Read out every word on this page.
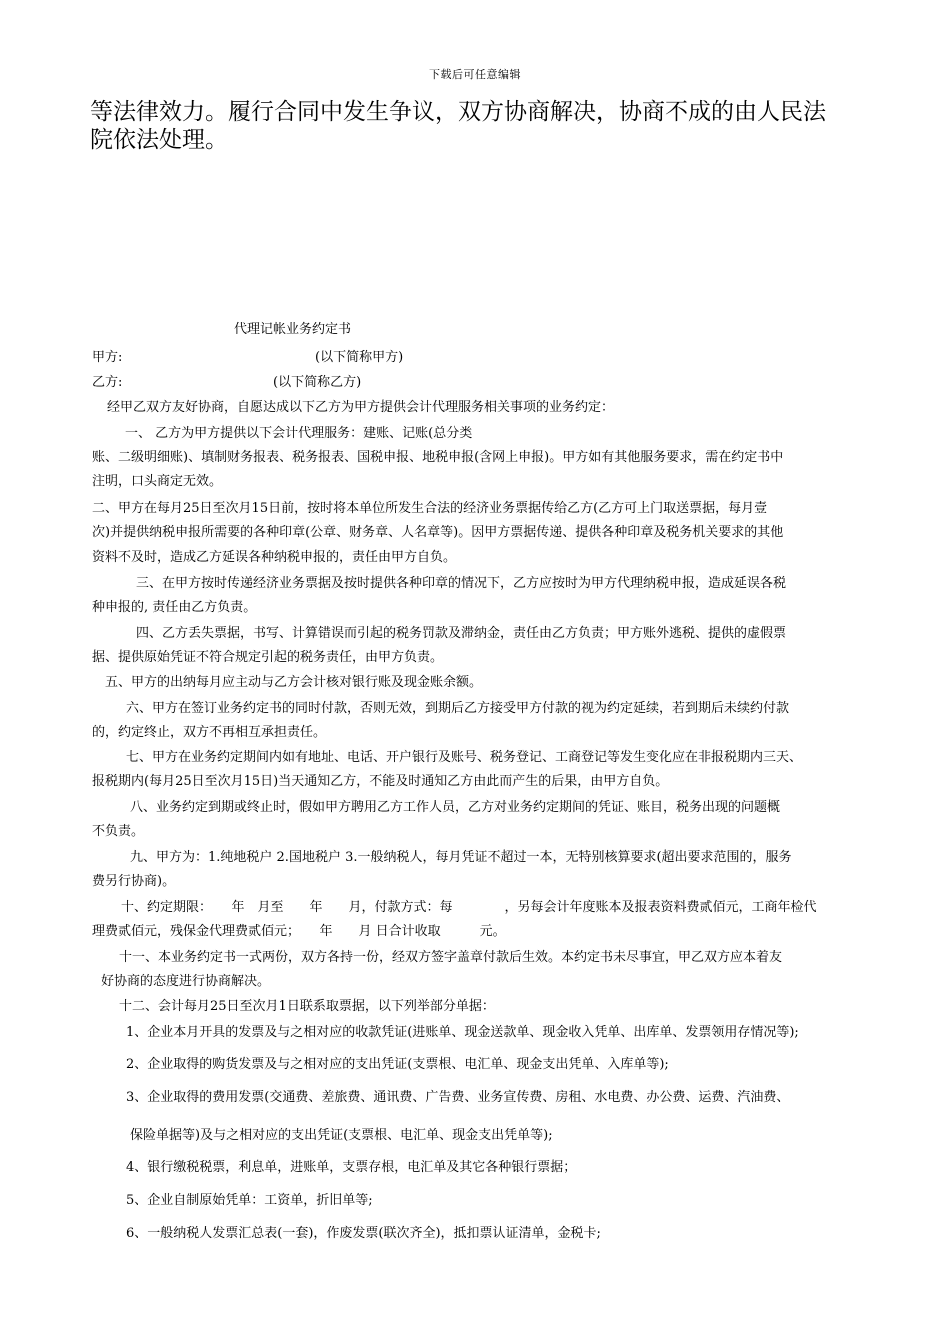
下载后可任意编辑
等法律效力。履行合同中发生争议，双方协商解决，协商不成的由人民法
院依法处理。
代理记帐业务约定书
甲方:	(以下简称甲方)
乙方:	(以下简称乙方)
经甲乙双方友好协商，自愿达成以下乙方为甲方提供会计代理服务相关事项的业务约定：
一、 乙方为甲方提供以下会计代理服务：建账、记账(总分类
账、二级明细账)、填制财务报表、税务报表、国税申报、地税申报(含网上申报)。甲方如有其他服务要求，需在约定书中
注明，口头商定无效。
二、甲方在每月25日至次月15日前，按时将本单位所发生合法的经济业务票据传给乙方(乙方可上门取送票据，每月壹
次)并提供纳税申报所需要的各种印章(公章、财务章、人名章等)。因甲方票据传递、提供各种印章及税务机关要求的其他
资料不及时，造成乙方延误各种纳税申报的，责任由甲方自负。
三、在甲方按时传递经济业务票据及按时提供各种印章的情况下，乙方应按时为甲方代理纳税申报，造成延误各税
种申报的, 责任由乙方负责。
四、乙方丢失票据，书写、计算错误而引起的税务罚款及滞纳金，责任由乙方负责；甲方账外逃税、提供的虚假票
据、提供原始凭证不符合规定引起的税务责任，由甲方负责。
五、甲方的出纳每月应主动与乙方会计核对银行账及现金账余额。
六、甲方在签订业务约定书的同时付款，否则无效，到期后乙方接受甲方付款的视为约定延续，若到期后未续约付款
的，约定终止，双方不再相互承担责任。
七、甲方在业务约定期间内如有地址、电话、开户银行及账号、税务登记、工商登记等发生变化应在非报税期内三天、
报税期内(每月25日至次月15日)当天通知乙方，不能及时通知乙方由此而产生的后果，由甲方自负。
八、业务约定到期或终止时，假如甲方聘用乙方工作人员，乙方对业务约定期间的凭证、账目，税务出现的问题概
不负责。
九、甲方为：1.纯地税户 2.国地税户 3.一般纳税人，每月凭证不超过一本，无特别核算要求(超出要求范围的，服务
费另行协商)。
十、约定期限：　　年　月至　　年　　月，付款方式：每　　　　，另每会计年度账本及报表资料费贰佰元，工商年检代
理费贰佰元，残保金代理费贰佰元；　　年　　月 日合计收取　　　元。
十一、本业务约定书一式两份，双方各持一份，经双方签字盖章付款后生效。本约定书未尽事宜，甲乙双方应本着友
好协商的态度进行协商解决。
十二、会计每月25日至次月1日联系取票据，以下列举部分单据：
1、企业本月开具的发票及与之相对应的收款凭证(进账单、现金送款单、现金收入凭单、出库单、发票领用存情况等);
2、企业取得的购货发票及与之相对应的支出凭证(支票根、电汇单、现金支出凭单、入库单等);
3、企业取得的费用发票(交通费、差旅费、通讯费、广告费、业务宣传费、房租、水电费、办公费、运费、汽油费、
保险单据等)及与之相对应的支出凭证(支票根、电汇单、现金支出凭单等);
4、银行缴税税票，利息单，进账单，支票存根，电汇单及其它各种银行票据；
5、企业自制原始凭单：工资单，折旧单等;
6、一般纳税人发票汇总表(一套)，作废发票(联次齐全)，抵扣票认证清单，金税卡;
